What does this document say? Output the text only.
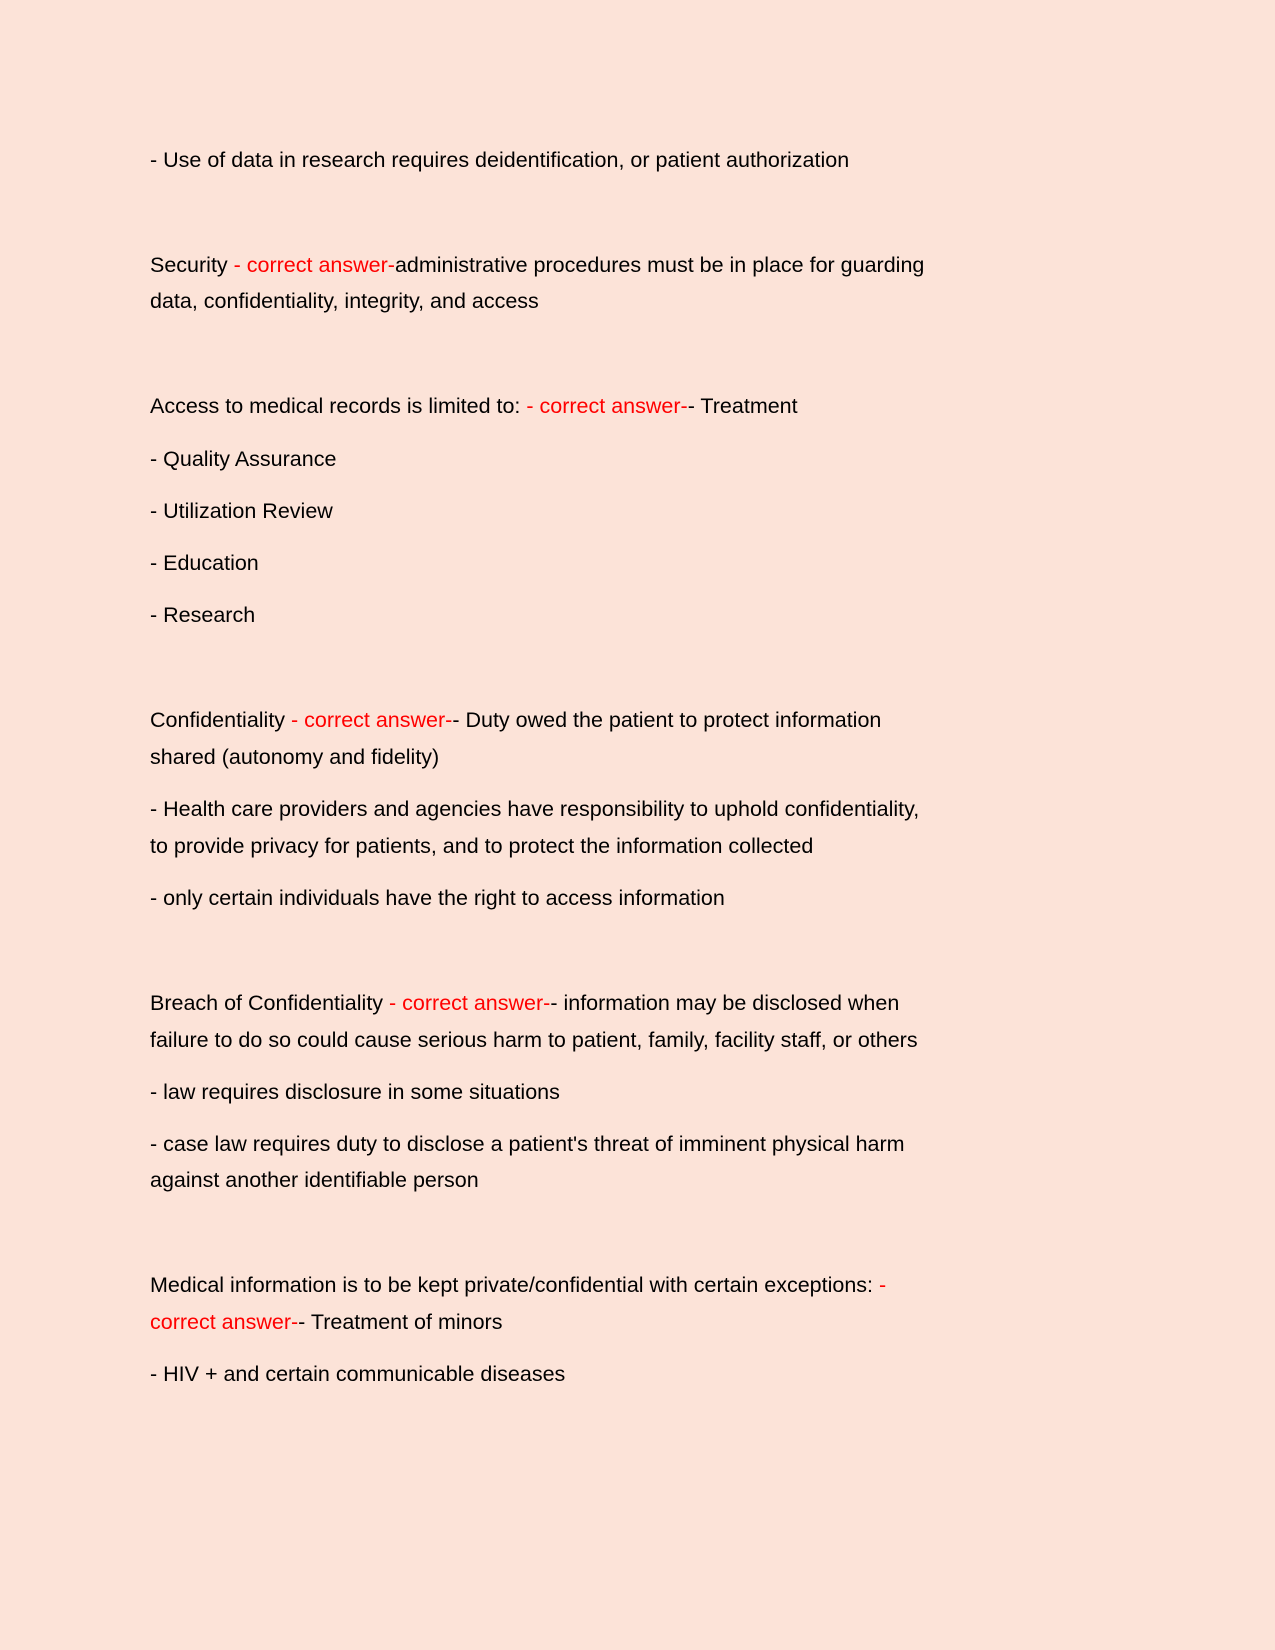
- Use of data in research requires deidentification, or patient authorization
Security - correct answer-administrative procedures must be in place for guarding
data, confidentiality, integrity, and access
Access to medical records is limited to: - correct answer-- Treatment
- Quality Assurance
- Utilization Review
- Education
- Research
Confidentiality - correct answer-- Duty owed the patient to protect information
shared (autonomy and fidelity)
- Health care providers and agencies have responsibility to uphold confidentiality,
to provide privacy for patients, and to protect the information collected
- only certain individuals have the right to access information
Breach of Confidentiality - correct answer-- information may be disclosed when
failure to do so could cause serious harm to patient, family, facility staff, or others
- law requires disclosure in some situations
- case law requires duty to disclose a patient's threat of imminent physical harm
against another identifiable person
Medical information is to be kept private/confidential with certain exceptions: -
correct answer-- Treatment of minors
- HIV + and certain communicable diseases
